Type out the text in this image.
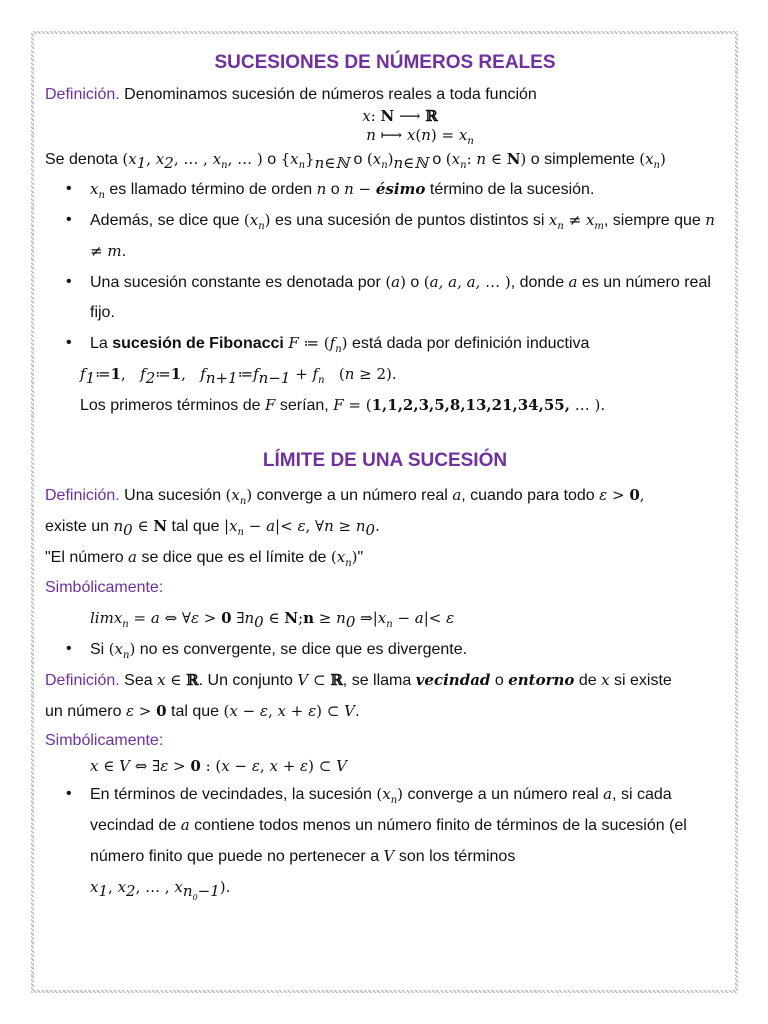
SUCESIONES DE NÚMEROS REALES

Definición. Denominamos sucesión de números reales a toda función

x: N ⟶ ℝ
n ⟼ $x(n) = x_n$

Se denota ($x_1$, $x_2$, … , $x_n$, … ) o $\{x_n\}_{n\in ℕ}$ o $(x_n)_{n\in ℕ}$ o ($x_n$: n ∈ N) o simplemente $(x_n)$

• $x_n$ es llamado término de orden n o n − ésimo término de la sucesión.
• Además, se dice que $(x_n)$ es una sucesión de puntos distintos si $x_n \ne x_m$, siempre que n ≠ m.
• Una sucesión constante es denotada por (a) o (a, a, a, … ), donde a es un número real fijo.
• La sucesión de Fibonacci F ≔ $(f_n)$ está dada por definición inductiva

$f_1≔1$,   $f_2≔1$,   $f_{n+1}≔f_{n-1} + f_n$   (n ≥ 2).

Los primeros términos de F serían, F = (1,1,2,3,5,8,13,21,34,55, … ).

LÍMITE DE UNA SUCESIÓN

Definición. Una sucesión $(x_n)$ converge a un número real a, cuando para todo ε > 0,

existe un $n_0$ ∈ N tal que $|x_n - a|< \varepsilon$, ∀n ≥ $n_0$.

"El número a se dice que es el límite de $(x_n)$"

Simbólicamente:

limx$_n$ = a ⇔ ∀ε > 0 $\exists n_0$ ∈ N;n ≥ $n_0$ $\Rightarrow|x_n - a|< \varepsilon$

• Si $(x_n)$ no es convergente, se dice que es divergente.

Definición. Sea x ∈ ℝ. Un conjunto V ⊂ ℝ, se llama vecindad o entorno de x si existe

un número ε > 0 tal que (x − ε, x + ε) ⊂ V.

Simbólicamente:

x ∈ V ⇔ ∃ε > 0 : (x − ε, x + ε) ⊂ V

• En términos de vecindades, la sucesión $(x_n)$ converge a un número real a, si cada vecindad de a contiene todos menos un número finito de términos de la sucesión (el número finito que puede no pertenecer a V son los términos
$x_1$, $x_2$, … , $x_{n_0-1}$).
